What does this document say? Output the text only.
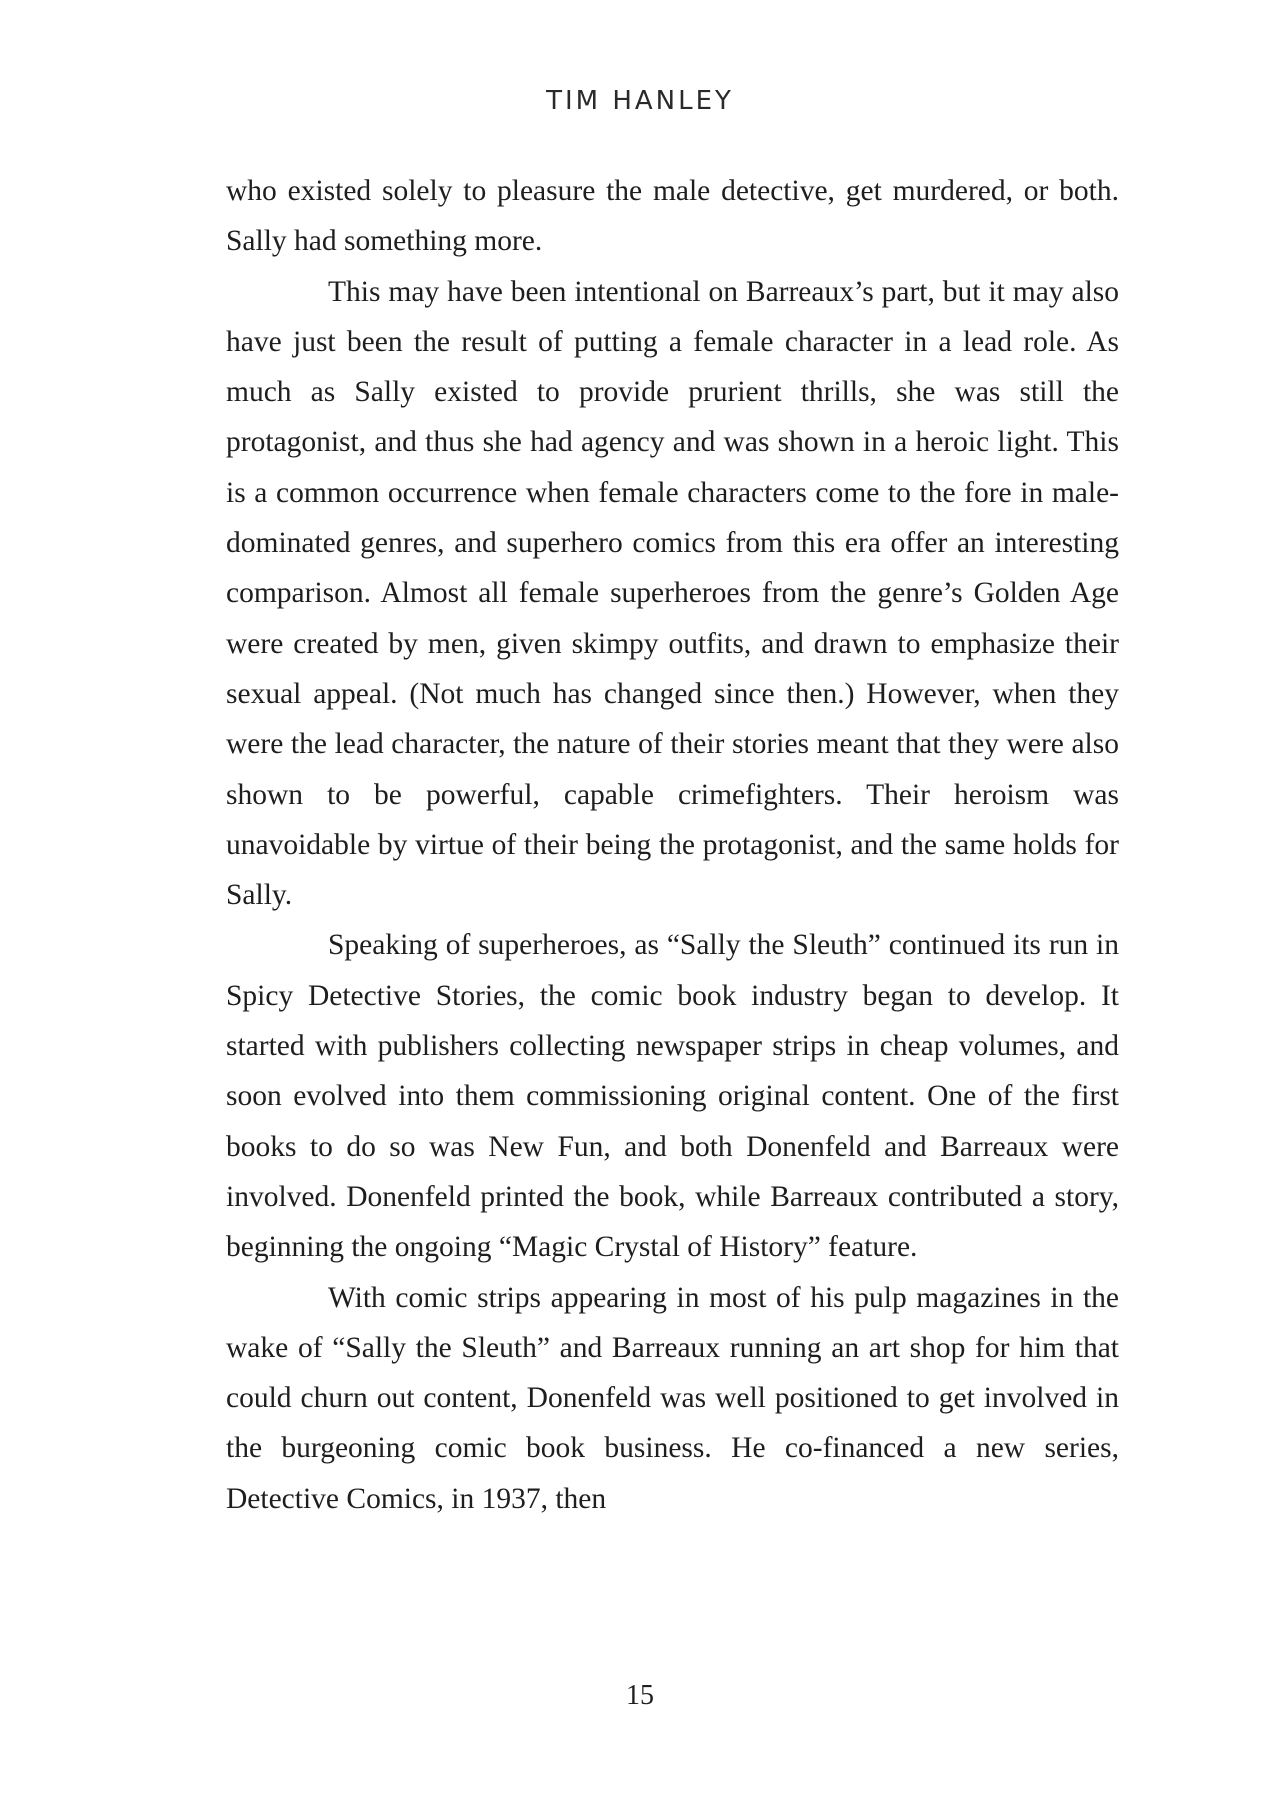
TIM HANLEY

who existed solely to pleasure the male detective, get murdered, or both. Sally had something more.

This may have been intentional on Barreaux’s part, but it may also have just been the result of putting a female character in a lead role. As much as Sally existed to provide prurient thrills, she was still the protagonist, and thus she had agency and was shown in a heroic light. This is a common occurrence when female characters come to the fore in male-dominated genres, and superhero comics from this era offer an interesting comparison. Almost all female superheroes from the genre’s Golden Age were created by men, given skimpy outfits, and drawn to emphasize their sexual appeal. (Not much has changed since then.) However, when they were the lead character, the nature of their stories meant that they were also shown to be powerful, capable crimefighters. Their heroism was unavoidable by virtue of their being the protagonist, and the same holds for Sally.

Speaking of superheroes, as “Sally the Sleuth” continued its run in Spicy Detective Stories, the comic book industry began to develop. It started with publishers collecting newspaper strips in cheap volumes, and soon evolved into them commissioning original content. One of the first books to do so was New Fun, and both Donenfeld and Barreaux were involved. Donenfeld printed the book, while Barreaux contributed a story, beginning the ongoing “Magic Crystal of History” feature.

With comic strips appearing in most of his pulp magazines in the wake of “Sally the Sleuth” and Barreaux running an art shop for him that could churn out content, Donenfeld was well positioned to get involved in the burgeoning comic book business. He co-financed a new series, Detective Comics, in 1937, then

15
